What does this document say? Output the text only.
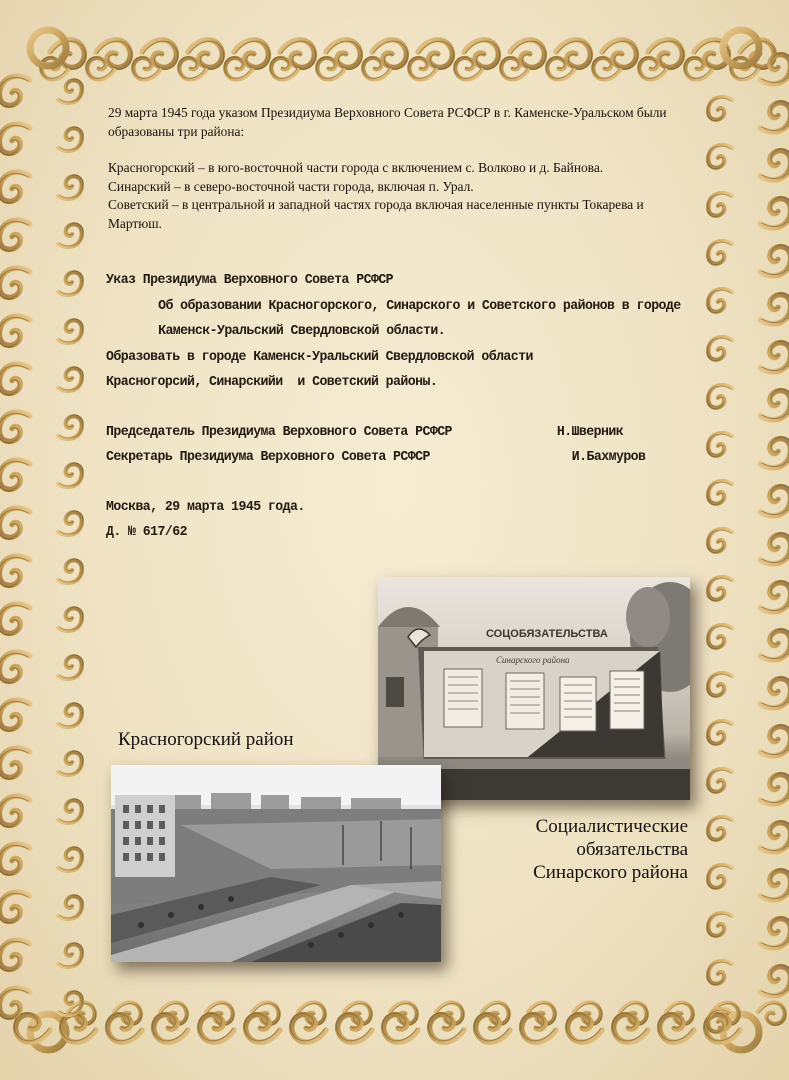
29 марта 1945 года указом Президиума Верховного Совета РСФСР в г. Каменске-Уральском были образованы три района:

Красногорский – в юго-восточной части города с включением с. Волково и д. Байнова.

Синарский – в северо-восточной части города, включая п. Урал.

Советский – в центральной и западной частях города включая населенные пункты Токарева и Мартюш.

Указ Президиума Верховного Совета РСФСР
Об образовании Красногорского, Синарского и Советского районов в городе
Каменск-Уральский Свердловской области.
Образовать в городе Каменск-Уральский Свердловской области
Красногорсий, Синарскийи  и Советский районы.
Председатель Президиума Верховного Совета РСФСР	Н.Шверник
Секретарь Президиума Верховного Совета РСФСР	И.Бахмуров
Москва, 29 марта 1945 года.
Д. № 617/62
СОЦОБЯЗАТЕЛЬСТВА
Синарского района
Красногорский район
Социалистические
обязательства
Синарского района
